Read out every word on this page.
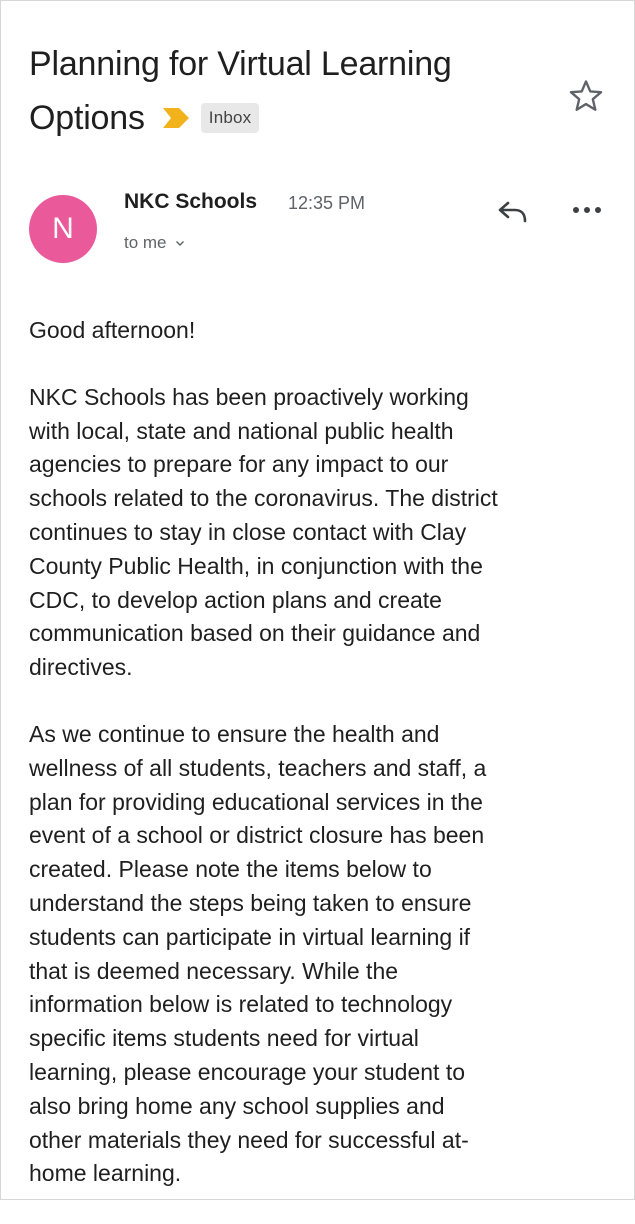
Planning for Virtual Learning
Options	Inbox
N
NKC Schools 12:35 PM
to me

Good afternoon!

NKC Schools has been proactively working
with local, state and national public health
agencies to prepare for any impact to our
schools related to the coronavirus. The district
continues to stay in close contact with Clay
County Public Health, in conjunction with the
CDC, to develop action plans and create
communication based on their guidance and
directives.

As we continue to ensure the health and
wellness of all students, teachers and staff, a
plan for providing educational services in the
event of a school or district closure has been
created. Please note the items below to
understand the steps being taken to ensure
students can participate in virtual learning if
that is deemed necessary. While the
information below is related to technology
specific items students need for virtual
learning, please encourage your student to
also bring home any school supplies and
other materials they need for successful at-
home learning.
